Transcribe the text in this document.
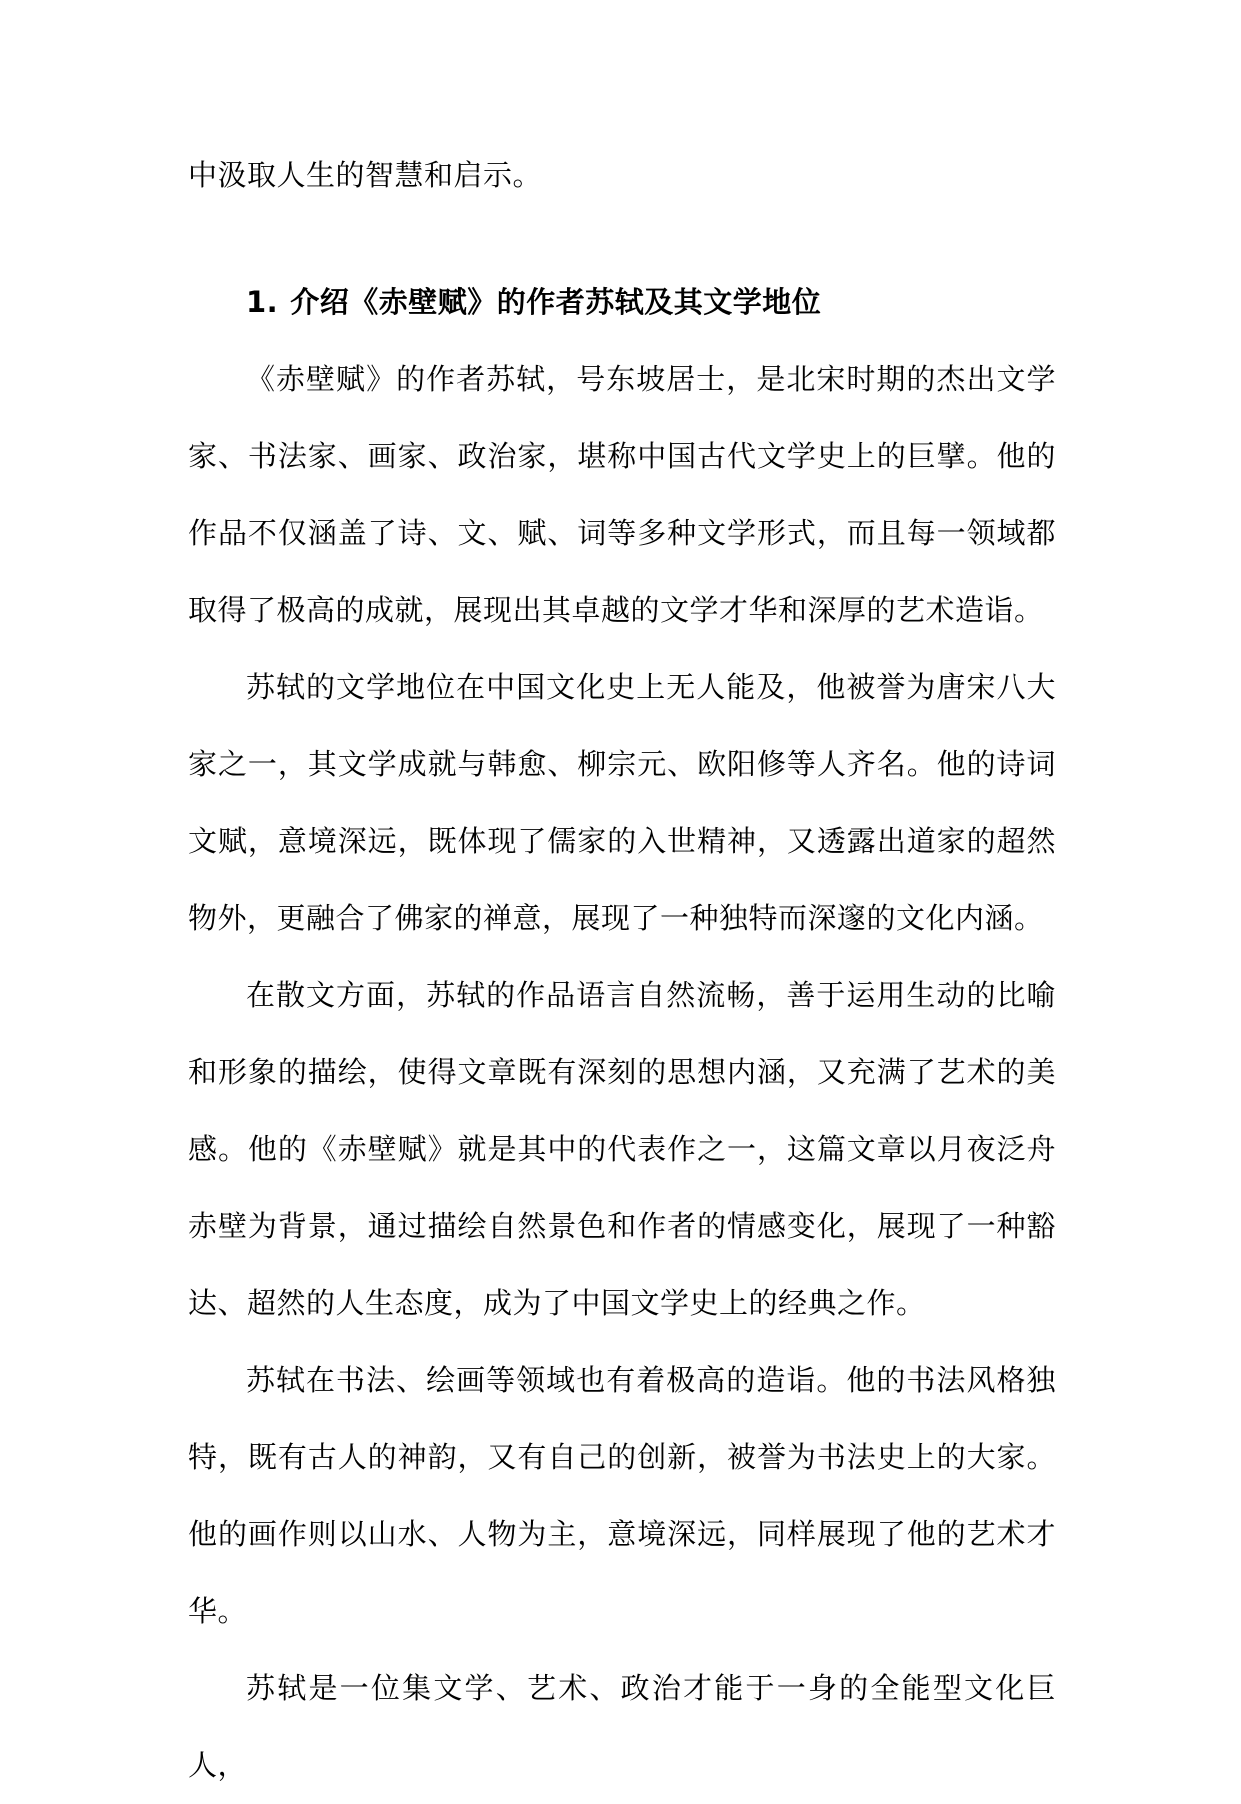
中汲取人生的智慧和启示。

1. 介绍《赤壁赋》的作者苏轼及其文学地位

《赤壁赋》的作者苏轼，号东坡居士，是北宋时期的杰出文学家、书法家、画家、政治家，堪称中国古代文学史上的巨擘。他的作品不仅涵盖了诗、文、赋、词等多种文学形式，而且每一领域都取得了极高的成就，展现出其卓越的文学才华和深厚的艺术造诣。

苏轼的文学地位在中国文化史上无人能及，他被誉为唐宋八大家之一，其文学成就与韩愈、柳宗元、欧阳修等人齐名。他的诗词文赋，意境深远，既体现了儒家的入世精神，又透露出道家的超然物外，更融合了佛家的禅意，展现了一种独特而深邃的文化内涵。

在散文方面，苏轼的作品语言自然流畅，善于运用生动的比喻和形象的描绘，使得文章既有深刻的思想内涵，又充满了艺术的美感。他的《赤壁赋》就是其中的代表作之一，这篇文章以月夜泛舟赤壁为背景，通过描绘自然景色和作者的情感变化，展现了一种豁达、超然的人生态度，成为了中国文学史上的经典之作。

苏轼在书法、绘画等领域也有着极高的造诣。他的书法风格独特，既有古人的神韵，又有自己的创新，被誉为书法史上的大家。他的画作则以山水、人物为主，意境深远，同样展现了他的艺术才华。

苏轼是一位集文学、艺术、政治才能于一身的全能型文化巨人，
